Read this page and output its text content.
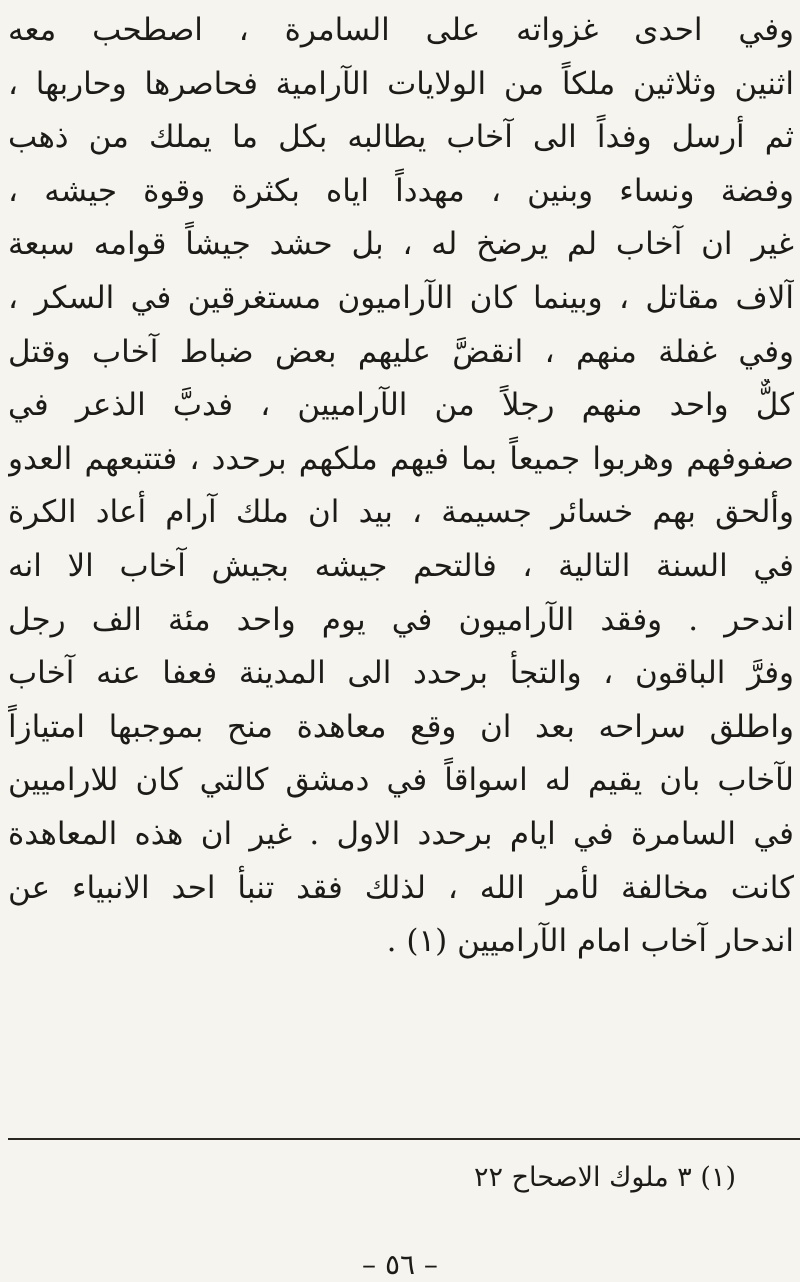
وفي احدى غزواته على السامرة ، اصطحب معه
اثنين وثلاثين ملكاً من الولايات الآرامية فحاصرها وحاربها ،
ثم أرسل وفداً الى آخاب يطالبه بكل ما يملك من ذهب
وفضة ونساء وبنين ، مهدداً اياه بكثرة وقوة جيشه ،
غير ان آخاب لم يرضخ له ، بل حشد جيشاً قوامه سبعة
آلاف مقاتل ، وبينما كان الآراميون مستغرقين في السكر ،
وفي غفلة منهم ، انقضَّ عليهم بعض ضباط آخاب وقتل
كلٌّ واحد منهم رجلاً من الآراميين ، فدبَّ الذعر في
صفوفهم وهربوا جميعاً بما فيهم ملكهم برحدد ، فتتبعهم العدو
وألحق بهم خسائر جسيمة ، بيد ان ملك آرام أعاد الكرة
في السنة التالية ، فالتحم جيشه بجيش آخاب الا انه
اندحر . وفقد الآراميون في يوم واحد مئة الف رجل
وفرَّ الباقون ، والتجأ برحدد الى المدينة فعفا عنه آخاب
واطلق سراحه بعد ان وقع معاهدة منح بموجبها امتيازاً
لآخاب بان يقيم له اسواقاً في دمشق كالتي كان للاراميين
في السامرة في ايام برحدد الاول . غير ان هذه المعاهدة
كانت مخالفة لأمر الله ، لذلك فقد تنبأ احد الانبياء عن
اندحار آخاب امام الآراميين (١) .
(١) ٣ ملوك الاصحاح ٢٢
– ٥٦ –
